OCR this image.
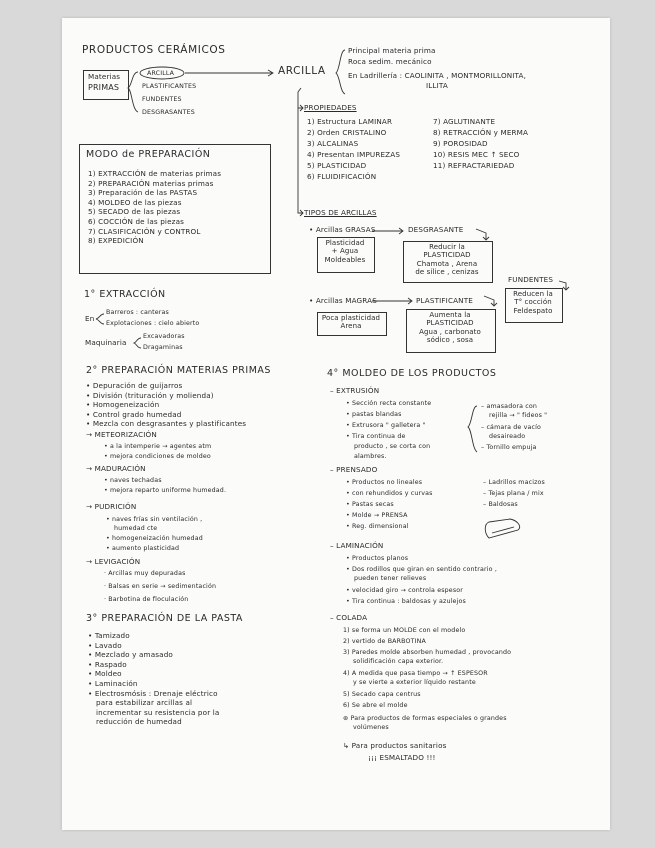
PRODUCTOS CERÁMICOS
Materias
PRIMAS
ARCILLA
PLASTIFICANTES
FUNDENTES
DESGRASANTES
ARCILLA
Principal materia prima
Roca sedim. mecánico
En Ladrillería : CAOLINITA , MONTMORILLONITA,
ILLITA
PROPIEDADES
1) Estructura LAMINAR
2) Orden CRISTALINO
3) ALCALINAS
4) Presentan IMPUREZAS
5) PLASTICIDAD
6) FLUIDIFICACIÓN
7) AGLUTINANTE
8) RETRACCIÓN y MERMA
9) POROSIDAD
10) RESIS MEC ↑ SECO
11) REFRACTARIEDAD
TIPOS DE ARCILLAS
• Arcillas GRASAS	DESGRASANTE
Plasticidad
+ Agua
Moldeables
Reducir la
PLASTICIDAD
Chamota , Arena
de sílice , cenizas
FUNDENTES
Reducen la
T° cocción
Feldespato
• Arcillas MAGRAS	PLASTIFICANTE
Poca plasticidad
Arena
Aumenta la
PLASTICIDAD
Agua , carbonato
sódico , sosa
MODO de PREPARACIÓN
1) EXTRACCIÓN de materias primas
2) PREPARACIÓN materias primas
3) Preparación de las PASTAS
4) MOLDEO de las piezas
5) SECADO de las piezas
6) COCCIÓN de las piezas
7) CLASIFICACIÓN y CONTROL
8) EXPEDICIÓN
1° EXTRACCIÓN
En
Barreros : canteras
Explotaciones : cielo abierto
Maquinaria
Excavadoras
Dragaminas
2° PREPARACIÓN MATERIAS PRIMAS
• Depuración de guijarros
• División (trituración y molienda)
• Homogeneización
• Control grado humedad
• Mezcla con desgrasantes y plastificantes
→ METEORIZACIÓN
• a la intemperie → agentes atm
• mejora condiciones de moldeo
→ MADURACIÓN
• naves techadas
• mejora reparto uniforme humedad.
→ PUDRICIÓN
• naves frías sin ventilación ,
humedad cte
• homogeneización humedad
• aumento plasticidad
→ LEVIGACIÓN
· Arcillas muy depuradas
· Balsas en serie → sedimentación
· Barbotina de floculación
3° PREPARACIÓN DE LA PASTA
• Tamizado
• Lavado
• Mezclado y amasado
• Raspado
• Moldeo
• Laminación
• Electrosmósis : Drenaje eléctrico
para estabilizar arcillas al
incrementar su resistencia por la
reducción de humedad
4° MOLDEO DE LOS PRODUCTOS
– EXTRUSIÓN
• Sección recta constante
• pastas blandas
• Extrusora " galletera "
• Tira continua de
producto , se corta con
alambres.
– amasadora con
rejilla → " fideos "
– cámara de vacío
desaireado
– Tornillo empuja
– PRENSADO
• Productos no lineales
• con rehundidos y curvas
• Pastas secas
• Molde → PRENSA
• Reg. dimensional
– Ladrillos macizos
– Tejas plana / mix
– Baldosas
– LAMINACIÓN
• Productos planos
• Dos rodillos que giran en sentido contrario ,
pueden tener relieves
• velocidad giro → controla espesor
• Tira continua : baldosas y azulejos
– COLADA
1) se forma un MOLDE con el modelo
2) vertido de BARBOTINA
3) Paredes molde absorben humedad , provocando
solidificación capa exterior.
4) A medida que pasa tiempo → ↑ ESPESOR
y se vierte a exterior líquido restante
5) Secado capa centrus
6) Se abre el molde
⊛ Para productos de formas especiales o grandes
volúmenes
↳ Para productos sanitarios
¡¡¡ ESMALTADO !!!
